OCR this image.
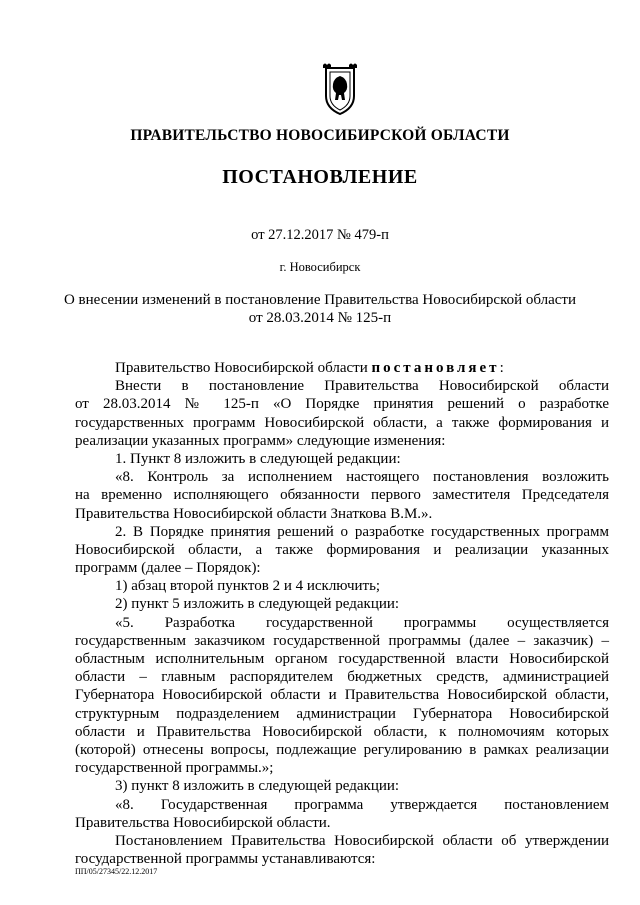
ПРАВИТЕЛЬСТВО НОВОСИБИРСКОЙ ОБЛАСТИ
ПОСТАНОВЛЕНИЕ
от 27.12.2017 № 479-п
г. Новосибирск
О внесении изменений в постановление Правительства Новосибирской области
от 28.03.2014 № 125-п
Правительство Новосибирской области постановляет:
Внести в постановление Правительства Новосибирской области
от 28.03.2014 № 125-п «О Порядке принятия решений о разработке
государственных программ Новосибирской области, а также формирования и
реализации указанных программ» следующие изменения:
1. Пункт 8 изложить в следующей редакции:
«8. Контроль за исполнением настоящего постановления возложить
на временно исполняющего обязанности первого заместителя Председателя
Правительства Новосибирской области Знаткова В.М.».
2. В Порядке принятия решений о разработке государственных программ
Новосибирской области, а также формирования и реализации указанных
программ (далее – Порядок):
1) абзац второй пунктов 2 и 4 исключить;
2) пункт 5 изложить в следующей редакции:
«5. Разработка государственной программы осуществляется
государственным заказчиком государственной программы (далее – заказчик) –
областным исполнительным органом государственной власти Новосибирской
области – главным распорядителем бюджетных средств, администрацией
Губернатора Новосибирской области и Правительства Новосибирской области,
структурным подразделением администрации Губернатора Новосибирской
области и Правительства Новосибирской области, к полномочиям которых
(которой) отнесены вопросы, подлежащие регулированию в рамках реализации
государственной программы.»;
3) пункт 8 изложить в следующей редакции:
«8. Государственная программа утверждается постановлением
Правительства Новосибирской области.
Постановлением Правительства Новосибирской области об утверждении
государственной программы устанавливаются:
ПП/05/27345/22.12.2017
